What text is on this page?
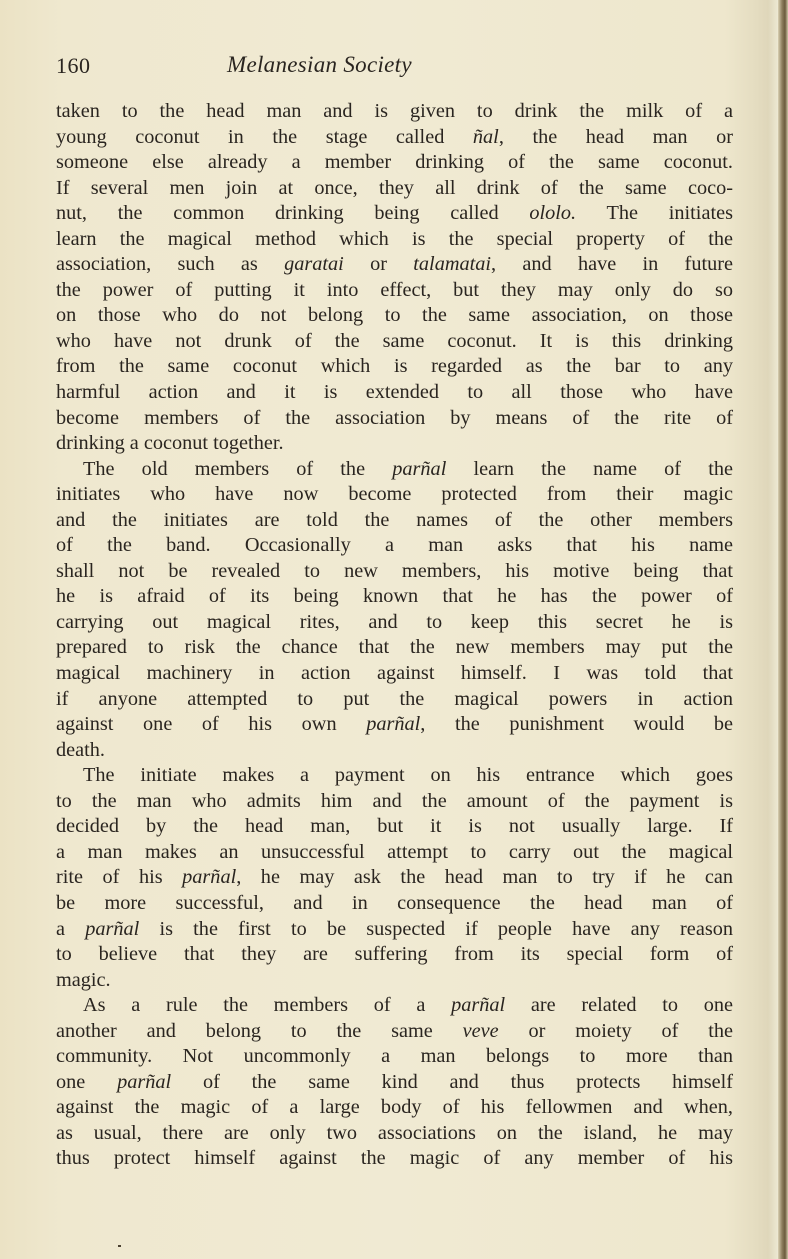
160	Melanesian Society
taken to the head man and is given to drink the milk of a
young coconut in the stage called ñal, the head man or
someone else already a member drinking of the same coconut.
If several men join at once, they all drink of the same coco-
nut, the common drinking being called ololo. The initiates
learn the magical method which is the special property of the
association, such as garatai or talamatai, and have in future
the power of putting it into effect, but they may only do so
on those who do not belong to the same association, on those
who have not drunk of the same coconut. It is this drinking
from the same coconut which is regarded as the bar to any
harmful action and it is extended to all those who have
become members of the association by means of the rite of
drinking a coconut together.
The old members of the parñal learn the name of the
initiates who have now become protected from their magic
and the initiates are told the names of the other members
of the band. Occasionally a man asks that his name
shall not be revealed to new members, his motive being that
he is afraid of its being known that he has the power of
carrying out magical rites, and to keep this secret he is
prepared to risk the chance that the new members may put the
magical machinery in action against himself. I was told that
if anyone attempted to put the magical powers in action
against one of his own parñal, the punishment would be
death.
The initiate makes a payment on his entrance which goes
to the man who admits him and the amount of the payment is
decided by the head man, but it is not usually large. If
a man makes an unsuccessful attempt to carry out the magical
rite of his parñal, he may ask the head man to try if he can
be more successful, and in consequence the head man of
a parñal is the first to be suspected if people have any reason
to believe that they are suffering from its special form of
magic.
As a rule the members of a parñal are related to one
another and belong to the same veve or moiety of the
community. Not uncommonly a man belongs to more than
one parñal of the same kind and thus protects himself
against the magic of a large body of his fellowmen and when,
as usual, there are only two associations on the island, he may
thus protect himself against the magic of any member of his
